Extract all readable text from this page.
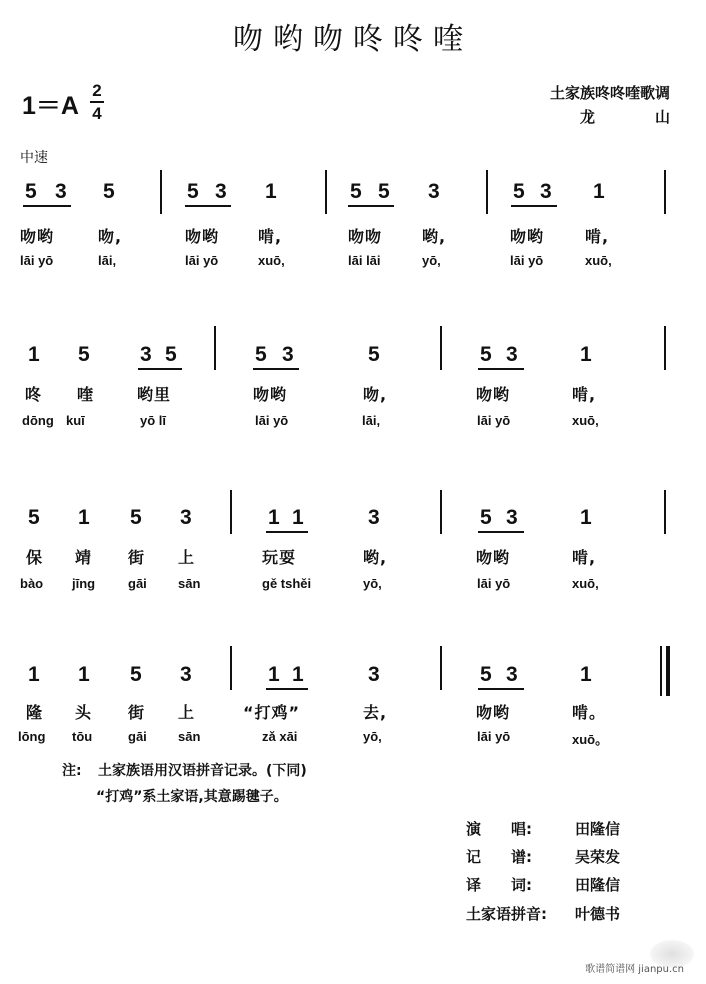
吻哟吻咚咚喹
1＝A
2
4
土家族咚咚喹歌调
龙　　　　山
中速
5 3 5	5 3 1	5 5 3	5 3 1
吻哟	吻,	吻哟 啃,	吻吻 哟,	吻哟	啃,
lāi yō	lāi,	lāi yō	xuō,	lāi lāi	yō,	lāi yō	xuō,
1 5 3 5	5 3	5	5 3	1
咚 喹	哟里	吻哟	吻,	吻哟	啃,
dōng kuī	yō lī	lāi yō	lāi,	lāi yō	xuō,
5 1 5 3	1 1	3	5 3	1
保 靖 街 上	玩耍	哟,	吻哟	啃,
bào jīng	gāi sān	gě tshěi	yō,	lāi yō	xuō,
1 1 5 3	1 1	3	5 3	1
隆 头 街 上	“打鸡”	去,	吻哟	啃。
lōng tōu	gāi sān	zǎ xāi	yō,	lāi yō	xuō。
注: 土家族语用汉语拼音记录。(下同)
“打鸡”系土家语,其意踢毽子。
演　　唱:	田隆信
记　　谱:	吴荣发
译　　词:	田隆信
土家语拼音: 叶德书
歌谱简谱网 jianpu.cn
